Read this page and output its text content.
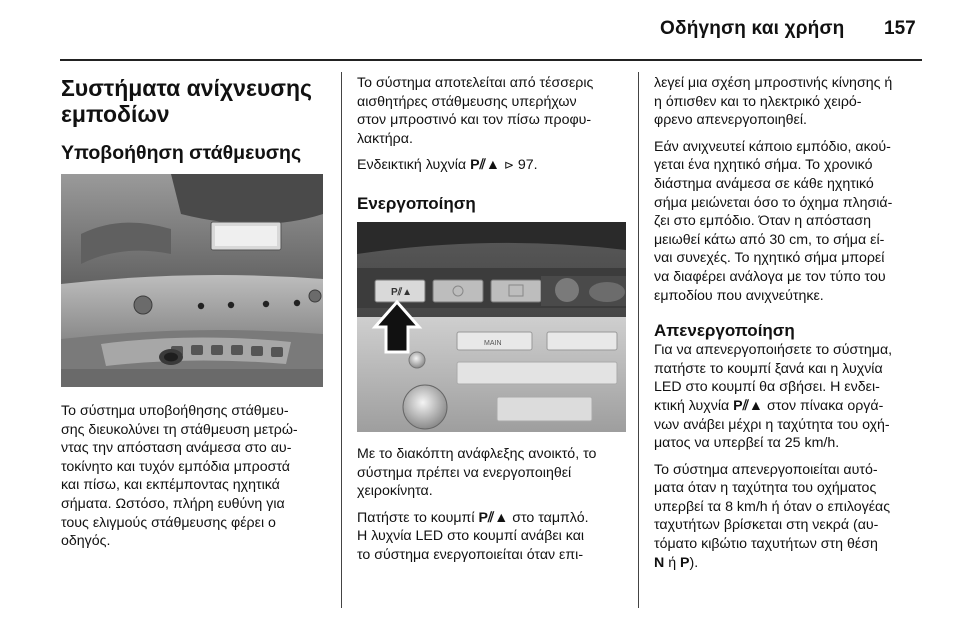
Οδήγηση και χρήση 157
Συστήματα ανίχνευσης εμποδίων
Υποβοήθηση στάθμευσης

Το σύστημα υποβοήθησης στάθμευ-

σης διευκολύνει τη στάθμευση μετρώ-

ντας την απόσταση ανάμεσα στο αυ-

τοκίνητο και τυχόν εμπόδια μπροστά

και πίσω, και εκπέμποντας ηχητικά

σήματα. Ωστόσο, πλήρη ευθύνη για

τους ελιγμούς στάθμευσης φέρει ο

οδηγός.

Το σύστημα αποτελείται από τέσσερις

αισθητήρες στάθμευσης υπερήχων

στον μπροστινό και τον πίσω προφυ-

λακτήρα.

Ενδεικτική λυχνία P⫽▲ ⊳ 97.

Ενεργοποίηση
P⫽▲
MAIN

Με το διακόπτη ανάφλεξης ανοικτό, το

σύστημα πρέπει να ενεργοποιηθεί

χειροκίνητα.

Πατήστε το κουμπί P⫽▲ στο ταμπλό.

Η λυχνία LED στο κουμπί ανάβει και

το σύστημα ενεργοποιείται όταν επι-

λεγεί μια σχέση μπροστινής κίνησης ή

η όπισθεν και το ηλεκτρικό χειρό-

φρενο απενεργοποιηθεί.

Εάν ανιχνευτεί κάποιο εμπόδιο, ακού-

γεται ένα ηχητικό σήμα. Το χρονικό

διάστημα ανάμεσα σε κάθε ηχητικό

σήμα μειώνεται όσο το όχημα πλησιά-

ζει στο εμπόδιο. Όταν η απόσταση

μειωθεί κάτω από 30 cm, το σήμα εί-

ναι συνεχές. Το ηχητικό σήμα μπορεί

να διαφέρει ανάλογα με τον τύπο του

εμποδίου που ανιχνεύτηκε.

Απενεργοποίηση

Για να απενεργοποιήσετε το σύστημα,

πατήστε το κουμπί ξανά και η λυχνία

LED στο κουμπί θα σβήσει. Η ενδει-

κτική λυχνία P⫽▲ στον πίνακα οργά-

νων ανάβει μέχρι η ταχύτητα του οχή-

ματος να υπερβεί τα 25 km/h.

Το σύστημα απενεργοποιείται αυτό-

ματα όταν η ταχύτητα του οχήματος

υπερβεί τα 8 km/h ή όταν ο επιλογέας

ταχυτήτων βρίσκεται στη νεκρά (αυ-

τόματο κιβώτιο ταχυτήτων στη θέση

N ή P).
